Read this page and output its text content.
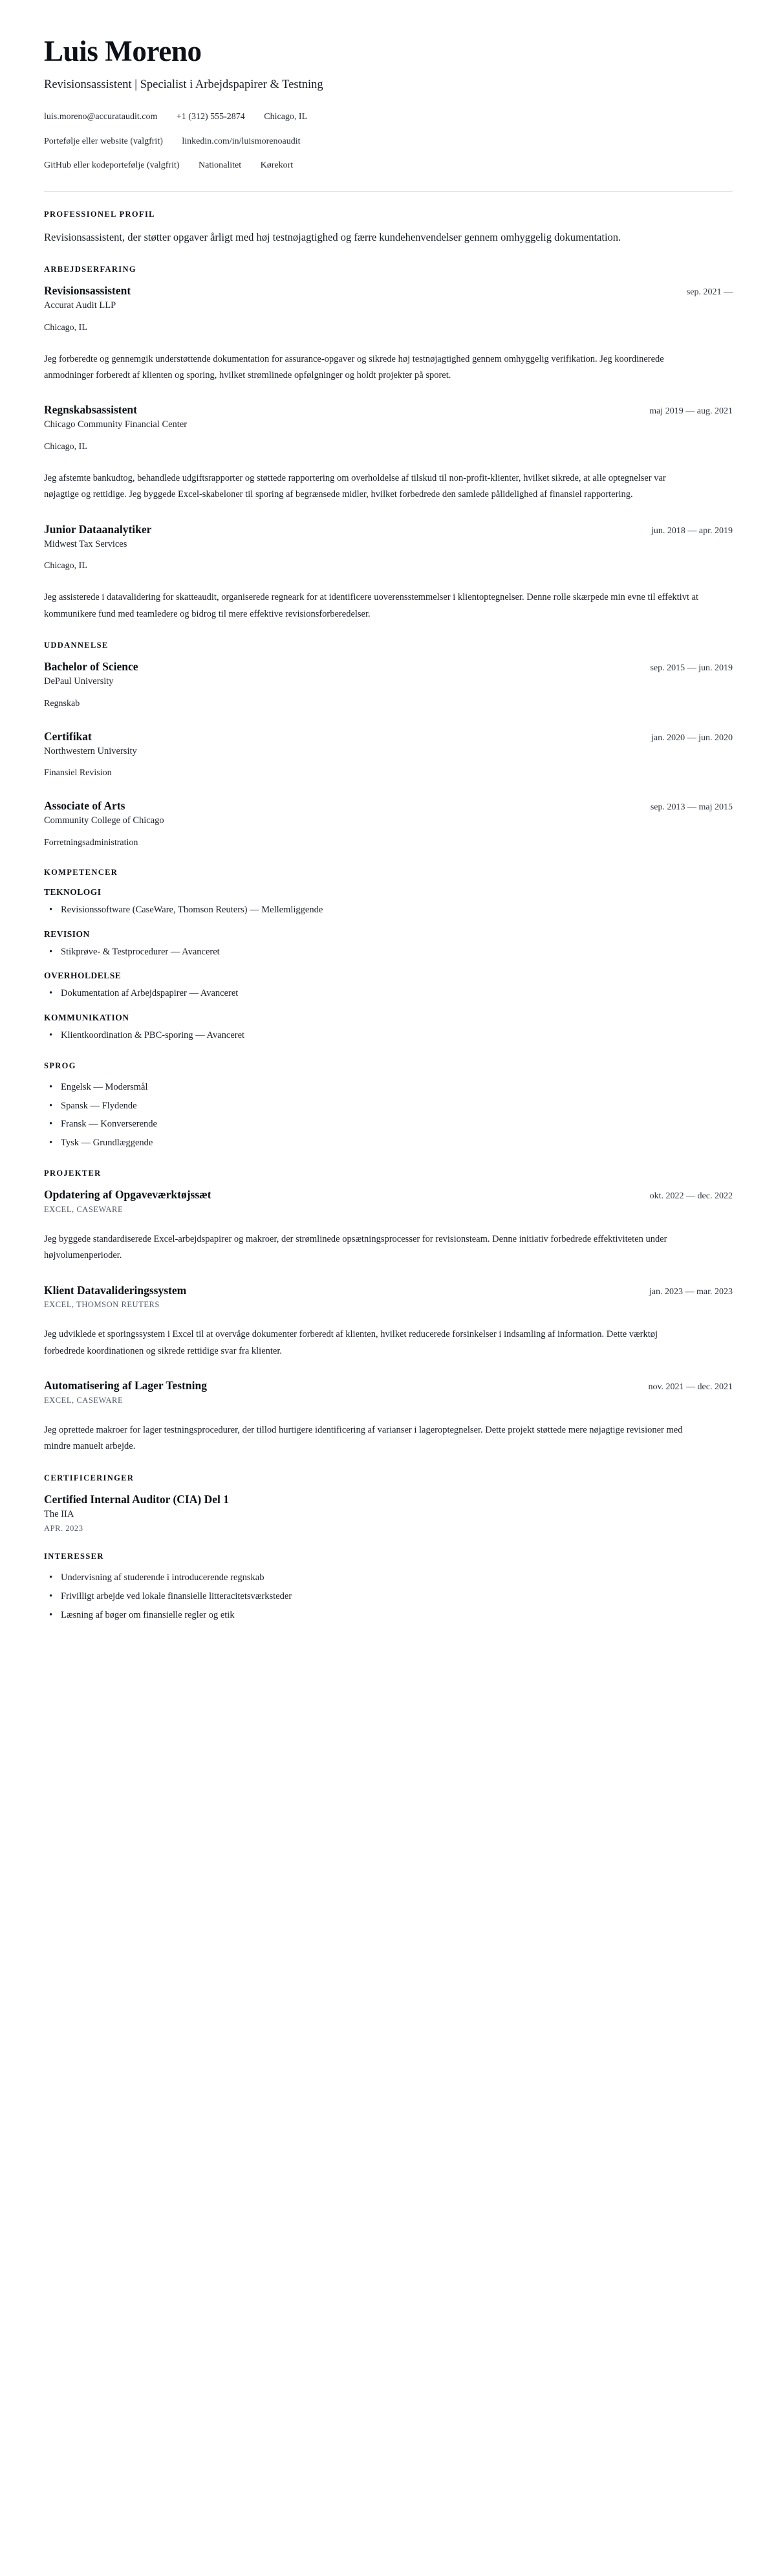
Luis Moreno

Revisionsassistent | Specialist i Arbejdspapirer & Testning

luis.moreno@accurataudit.com +1 (312) 555-2874 Chicago, IL
Portefølje eller website (valgfrit) linkedin.com/in/luismorenoaudit
GitHub eller kodeportefølje (valgfrit) Nationalitet Kørekort
PROFESSIONEL PROFIL

Revisionsassistent, der støtter opgaver årligt med høj testnøjagtighed og færre kundehenvendelser gennem omhyggelig dokumentation.

ARBEJDSERFARING
Revisionsassistent	sep. 2021 —

Accurat Audit LLP

Chicago, IL

Jeg forberedte og gennemgik understøttende dokumentation for assurance-opgaver og sikrede høj testnøjagtighed gennem omhyggelig verifikation. Jeg koordinerede anmodninger forberedt af klienten og sporing, hvilket strømlinede opfølgninger og holdt projekter på sporet.

Regnskabsassistent	maj 2019 — aug. 2021

Chicago Community Financial Center

Chicago, IL

Jeg afstemte bankudtog, behandlede udgiftsrapporter og støttede rapportering om overholdelse af tilskud til non-profit-klienter, hvilket sikrede, at alle optegnelser var nøjagtige og rettidige. Jeg byggede Excel-skabeloner til sporing af begrænsede midler, hvilket forbedrede den samlede pålidelighed af finansiel rapportering.

Junior Dataanalytiker	jun. 2018 — apr. 2019

Midwest Tax Services

Chicago, IL

Jeg assisterede i datavalidering for skatteaudit, organiserede regneark for at identificere uoverensstemmelser i klientoptegnelser. Denne rolle skærpede min evne til effektivt at kommunikere fund med teamledere og bidrog til mere effektive revisionsforberedelser.

UDDANNELSE
Bachelor of Science	sep. 2015 — jun. 2019

DePaul University

Regnskab

Certifikat	jan. 2020 — jun. 2020

Northwestern University

Finansiel Revision

Associate of Arts	sep. 2013 — maj 2015

Community College of Chicago

Forretningsadministration

KOMPETENCER
TEKNOLOGI
• Revisionssoftware (CaseWare, Thomson Reuters) — Mellemliggende
REVISION
• Stikprøve- & Testprocedurer — Avanceret
OVERHOLDELSE
• Dokumentation af Arbejdspapirer — Avanceret
KOMMUNIKATION
• Klientkoordination & PBC-sporing — Avanceret
SPROG
• Engelsk — Modersmål
• Spansk — Flydende
• Fransk — Konverserende
• Tysk — Grundlæggende
PROJEKTER
Opdatering af Opgaveværktøjssæt	okt. 2022 — dec. 2022

EXCEL, CASEWARE

Jeg byggede standardiserede Excel-arbejdspapirer og makroer, der strømlinede opsætningsprocesser for revisionsteam. Denne initiativ forbedrede effektiviteten under højvolumenperioder.

Klient Datavalideringssystem	jan. 2023 — mar. 2023

EXCEL, THOMSON REUTERS

Jeg udviklede et sporingssystem i Excel til at overvåge dokumenter forberedt af klienten, hvilket reducerede forsinkelser i indsamling af information. Dette værktøj forbedrede koordinationen og sikrede rettidige svar fra klienter.

Automatisering af Lager Testning	nov. 2021 — dec. 2021

EXCEL, CASEWARE

Jeg oprettede makroer for lager testningsprocedurer, der tillod hurtigere identificering af varianser i lageroptegnelser. Dette projekt støttede mere nøjagtige revisioner med mindre manuelt arbejde.

CERTIFICERINGER
Certified Internal Auditor (CIA) Del 1

The IIA

APR. 2023

INTERESSER
• Undervisning af studerende i introducerende regnskab
• Frivilligt arbejde ved lokale finansielle litteracitetsværksteder
• Læsning af bøger om finansielle regler og etik
